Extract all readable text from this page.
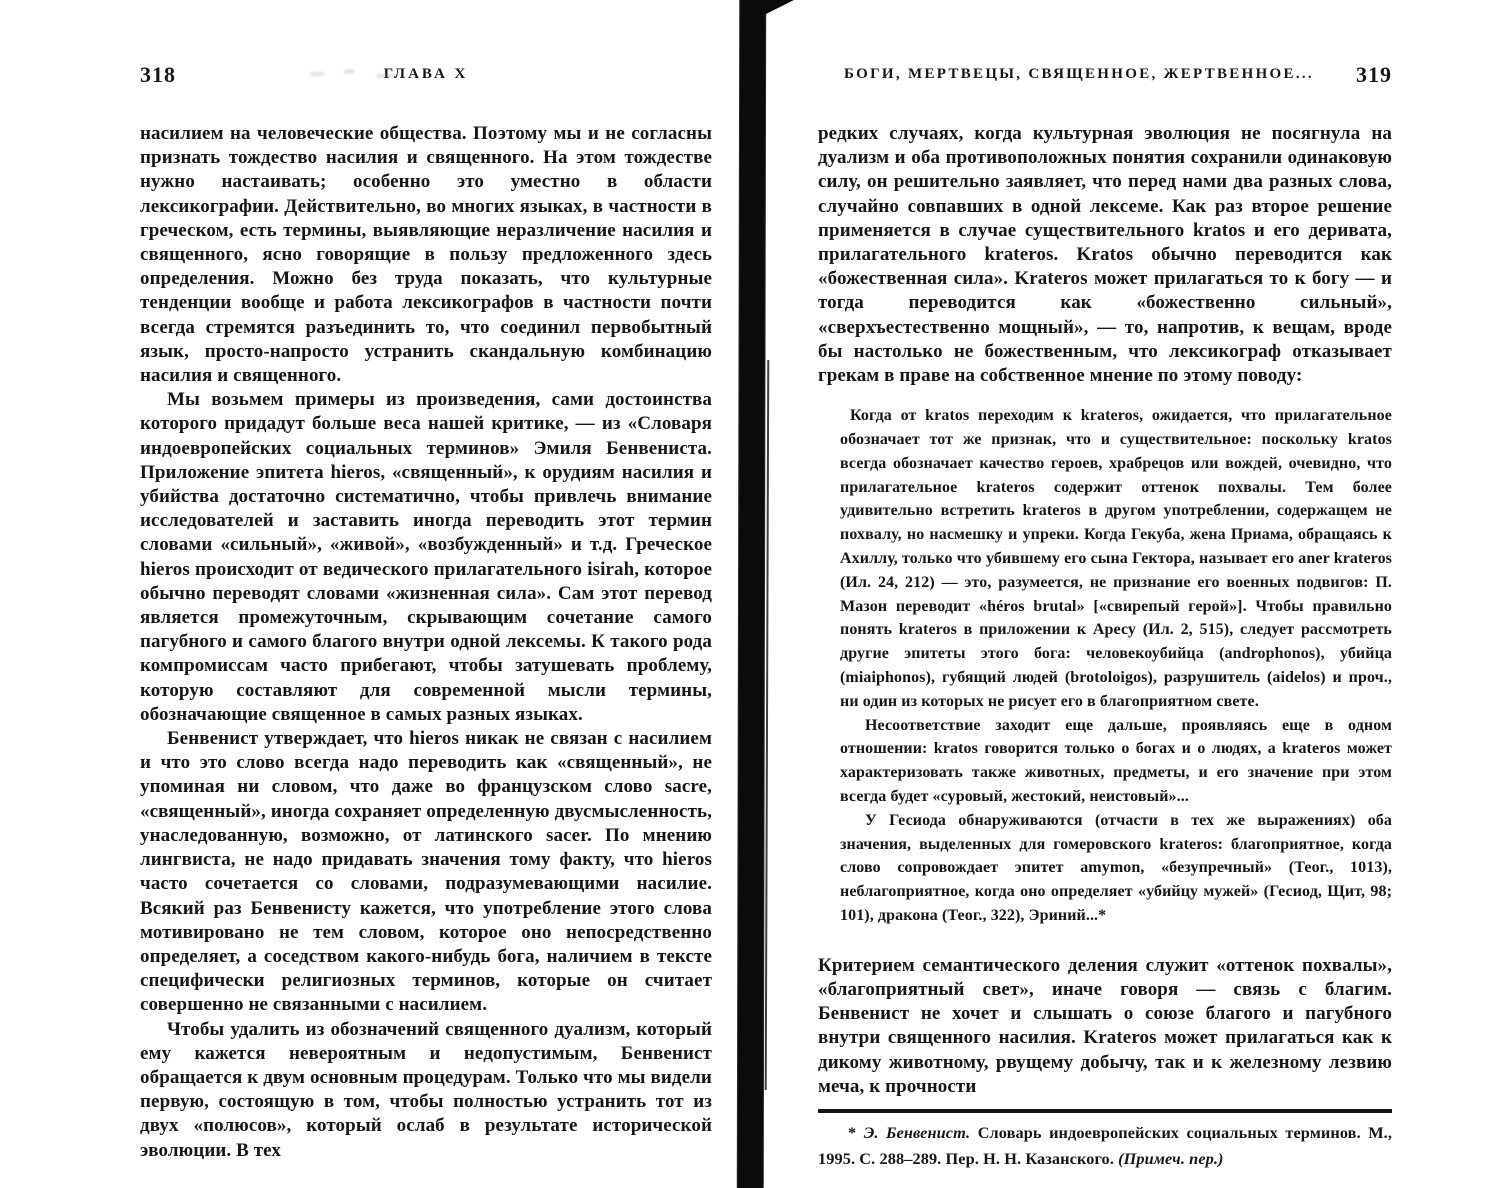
318	ГЛАВА X

насилием на человеческие общества. Поэтому мы и не согласны признать тождество насилия и священного. На этом тождестве нужно настаивать; особенно это уместно в области лексикографии. Действительно, во многих языках, в частности в греческом, есть термины, выявляющие неразличение насилия и священного, ясно говорящие в пользу предложенного здесь определения. Можно без труда показать, что культурные тенденции вообще и работа лексикографов в частности почти всегда стремятся разъединить то, что соединил первобытный язык, просто-напросто устранить скандальную комбинацию насилия и священного.

Мы возьмем примеры из произведения, сами достоинства которого придадут больше веса нашей критике, — из «Словаря индоевропейских социальных терминов» Эмиля Бенвениста. Приложение эпитета hieros, «священный», к орудиям насилия и убийства достаточно систематично, чтобы привлечь внимание исследователей и заставить иногда переводить этот термин словами «сильный», «живой», «возбужденный» и т.д. Греческое hieros происходит от ведического прилагательного isirah, которое обычно переводят словами «жизненная сила». Сам этот перевод является промежуточным, скрывающим сочетание самого пагубного и самого благого внутри одной лексемы. К такого рода компромиссам часто прибегают, чтобы затушевать проблему, которую составляют для современной мысли термины, обозначающие священное в самых разных языках.

Бенвенист утверждает, что hieros никак не связан с насилием и что это слово всегда надо переводить как «священный», не упоминая ни словом, что даже во французском слово sacre, «священный», иногда сохраняет определенную двусмысленность, унаследованную, возможно, от латинского sacer. По мнению лингвиста, не надо придавать значения тому факту, что hieros часто сочетается со словами, подразумевающими насилие. Всякий раз Бенвенисту кажется, что употребление этого слова мотивировано не тем словом, которое оно непосредственно определяет, а соседством какого-нибудь бога, наличием в тексте специфически религиозных терминов, которые он считает совершенно не связанными с насилием.

Чтобы удалить из обозначений священного дуализм, который ему кажется невероятным и недопустимым, Бенвенист обращается к двум основным процедурам. Только что мы видели первую, состоящую в том, чтобы полностью устранить тот из двух «полюсов», который ослаб в результате исторической эволюции. В тех

БОГИ, МЕРТВЕЦЫ, СВЯЩЕННОЕ, ЖЕРТВЕННОЕ...	319

редких случаях, когда культурная эволюция не посягнула на дуализм и оба противоположных понятия сохранили одинаковую силу, он решительно заявляет, что перед нами два разных слова, случайно совпавших в одной лексеме. Как раз второе решение применяется в случае существительного kratos и его деривата, прилагательного krateros. Kratos обычно переводится как «божественная сила». Krateros может прилагаться то к богу — и тогда переводится как «божественно сильный», «сверхъестественно мощный», — то, напротив, к вещам, вроде бы настолько не божественным, что лексикограф отказывает грекам в праве на собственное мнение по этому поводу:

Когда от kratos переходим к krateros, ожидается, что прилагательное обозначает тот же признак, что и существительное: поскольку kratos всегда обозначает качество героев, храбрецов или вождей, очевидно, что прилагательное krateros содержит оттенок похвалы. Тем более удивительно встретить krateros в другом употреблении, содержащем не похвалу, но насмешку и упреки. Когда Гекуба, жена Приама, обращаясь к Ахиллу, только что убившему его сына Гектора, называет его aner krateros (Ил. 24, 212) — это, разумеется, не признание его военных подвигов: П. Мазон переводит «héros brutal» [«свирепый герой»]. Чтобы правильно понять krateros в приложении к Аресу (Ил. 2, 515), следует рассмотреть другие эпитеты этого бога: человекоубийца (androphonos), убийца (miaiphonos), губящий людей (brotoloigos), разрушитель (aidelos) и проч., ни один из которых не рисует его в благоприятном свете.

Несоответствие заходит еще дальше, проявляясь еще в одном отношении: kratos говорится только о богах и о людях, а krateros может характеризовать также животных, предметы, и его значение при этом всегда будет «суровый, жестокий, неистовый»...

У Гесиода обнаруживаются (отчасти в тех же выражениях) оба значения, выделенных для гомеровского krateros: благоприятное, когда слово сопровождает эпитет amymon, «безупречный» (Теог., 1013), неблагоприятное, когда оно определяет «убийцу мужей» (Гесиод, Щит, 98; 101), дракона (Теог., 322), Эриний...*

Критерием семантического деления служит «оттенок похвалы», «благоприятный свет», иначе говоря — связь с благим. Бенвенист не хочет и слышать о союзе благого и пагубного внутри священного насилия. Krateros может прилагаться как к дикому животному, рвущему добычу, так и к железному лезвию меча, к прочности

* Э. Бенвенист. Словарь индоевропейских социальных терминов. М., 1995. С. 288–289. Пер. Н. Н. Казанского. (Примеч. пер.)
